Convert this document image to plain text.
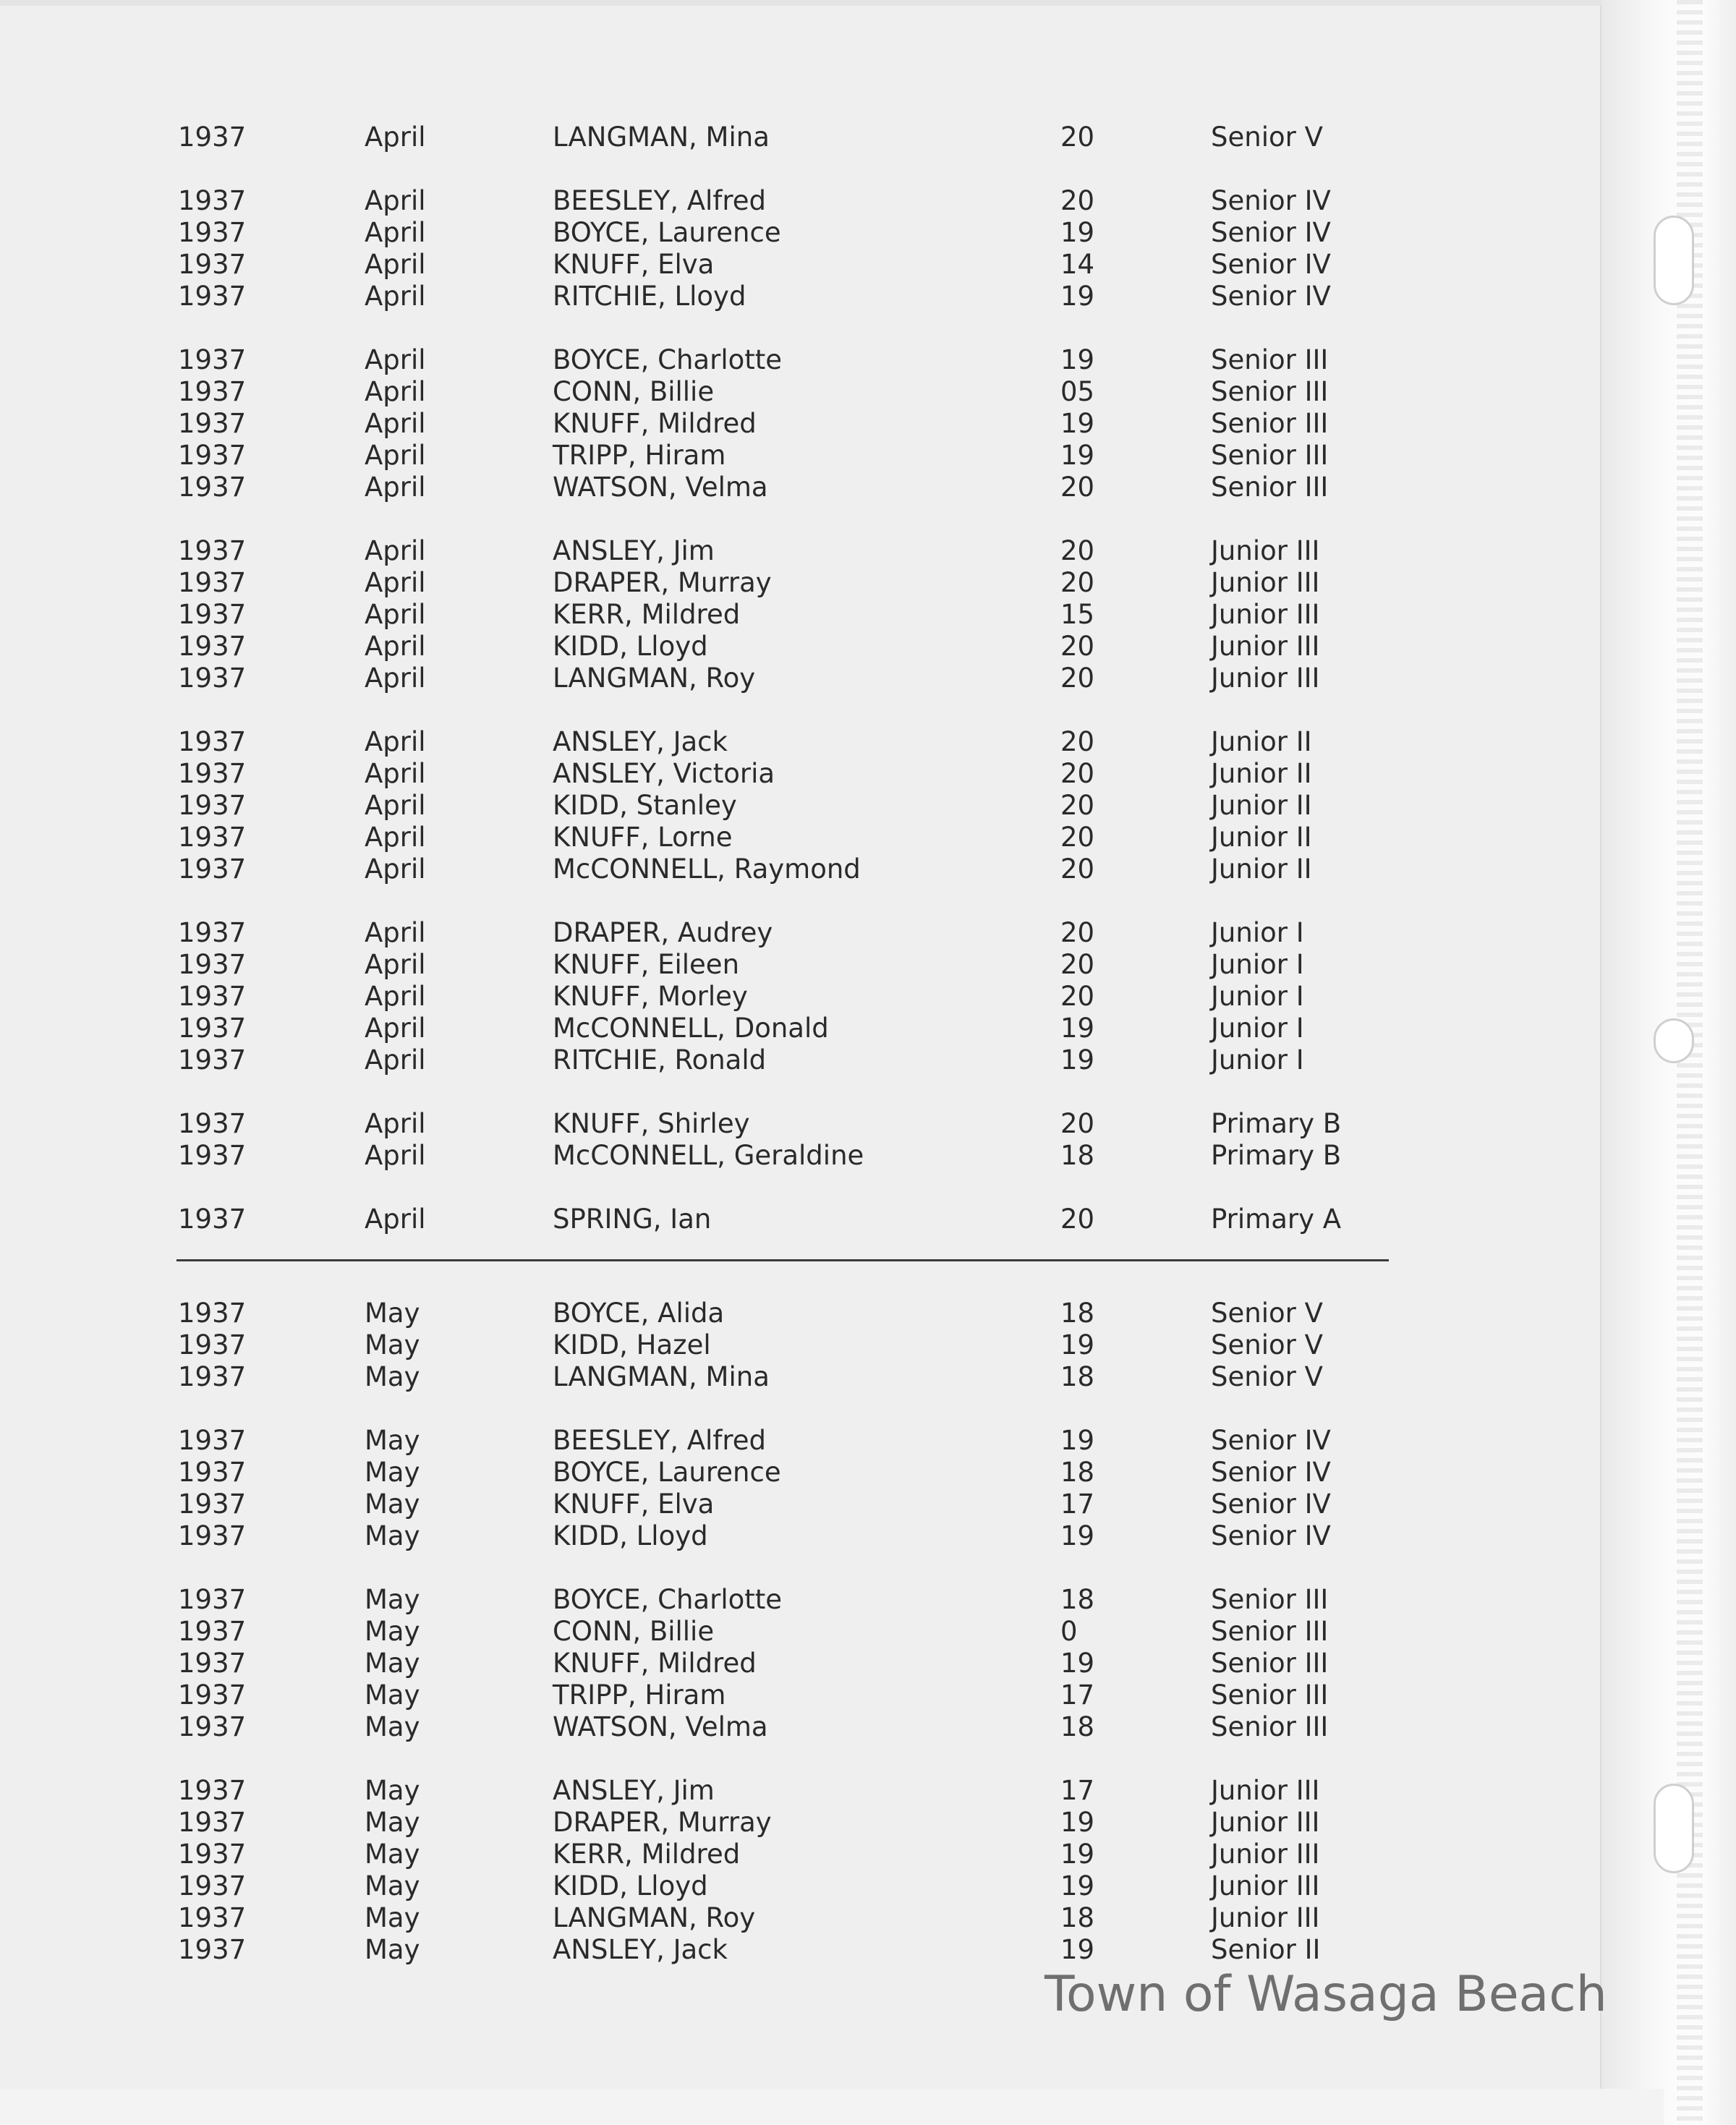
Town of Wasaga Beach
1937	April	LANGMAN, Mina	20	Senior V
1937	April	BEESLEY, Alfred	20	Senior IV
1937	April	BOYCE, Laurence	19	Senior IV
1937	April	KNUFF, Elva	14	Senior IV
1937	April	RITCHIE, Lloyd	19	Senior IV
1937	April	BOYCE, Charlotte	19	Senior III
1937	April	CONN, Billie	05	Senior III
1937	April	KNUFF, Mildred	19	Senior III
1937	April	TRIPP, Hiram	19	Senior III
1937	April	WATSON, Velma	20	Senior III
1937	April	ANSLEY, Jim	20	Junior III
1937	April	DRAPER, Murray	20	Junior III
1937	April	KERR, Mildred	15	Junior III
1937	April	KIDD, Lloyd	20	Junior III
1937	April	LANGMAN, Roy	20	Junior III
1937	April	ANSLEY, Jack	20	Junior II
1937	April	ANSLEY, Victoria	20	Junior II
1937	April	KIDD, Stanley	20	Junior II
1937	April	KNUFF, Lorne	20	Junior II
1937	April	McCONNELL, Raymond	20	Junior II
1937	April	DRAPER, Audrey	20	Junior I
1937	April	KNUFF, Eileen	20	Junior I
1937	April	KNUFF, Morley	20	Junior I
1937	April	McCONNELL, Donald	19	Junior I
1937	April	RITCHIE, Ronald	19	Junior I
1937	April	KNUFF, Shirley	20	Primary B
1937	April	McCONNELL, Geraldine	18	Primary B
1937	April	SPRING, Ian	20	Primary A
1937	May	BOYCE, Alida	18	Senior V
1937	May	KIDD, Hazel	19	Senior V
1937	May	LANGMAN, Mina	18	Senior V
1937	May	BEESLEY, Alfred	19	Senior IV
1937	May	BOYCE, Laurence	18	Senior IV
1937	May	KNUFF, Elva	17	Senior IV
1937	May	KIDD, Lloyd	19	Senior IV
1937	May	BOYCE, Charlotte	18	Senior III
1937	May	CONN, Billie	0	Senior III
1937	May	KNUFF, Mildred	19	Senior III
1937	May	TRIPP, Hiram	17	Senior III
1937	May	WATSON, Velma	18	Senior III
1937	May	ANSLEY, Jim	17	Junior III
1937	May	DRAPER, Murray	19	Junior III
1937	May	KERR, Mildred	19	Junior III
1937	May	KIDD, Lloyd	19	Junior III
1937	May	LANGMAN, Roy	18	Junior III
1937	May	ANSLEY, Jack	19	Senior II
